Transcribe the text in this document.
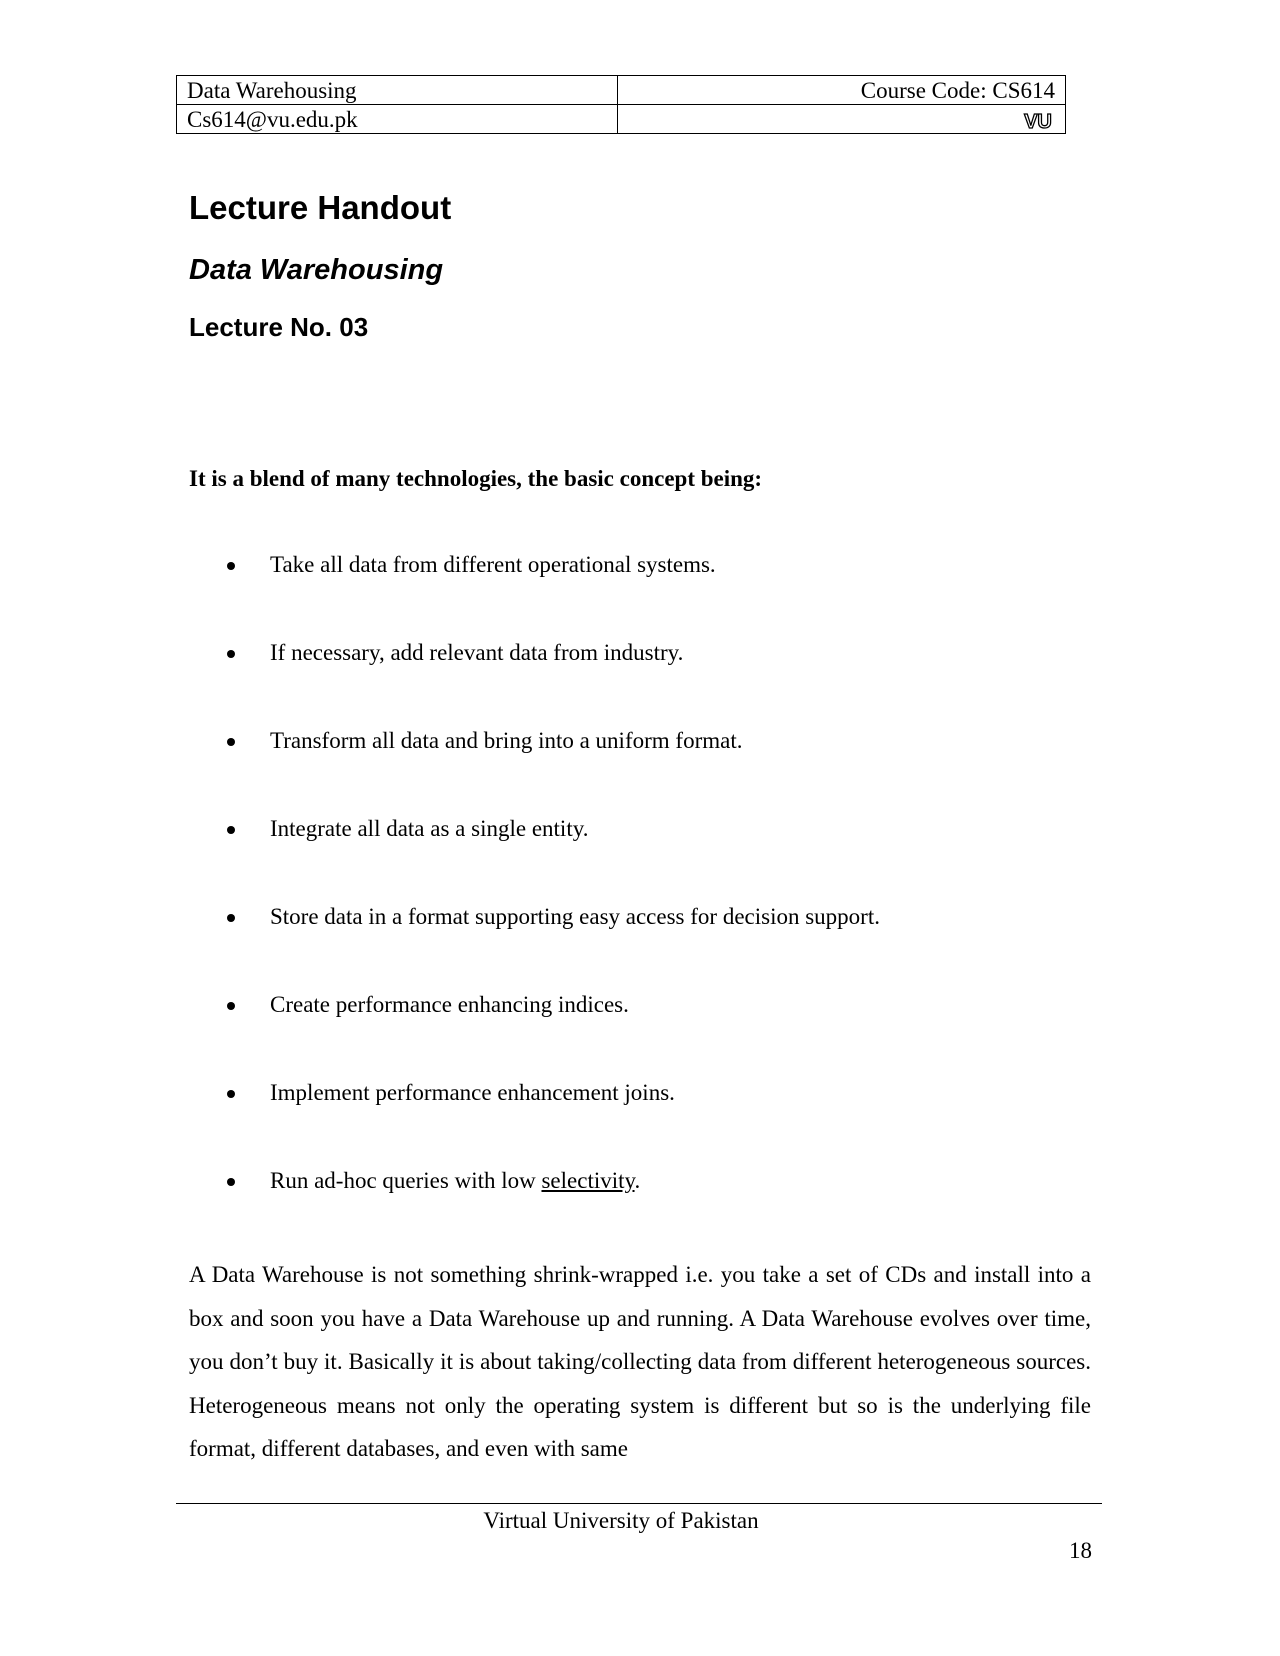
Data Warehousing	Course Code: CS614
Cs614@vu.edu.pk	VU
Lecture Handout
Data Warehousing
Lecture No. 03

It is a blend of many technologies, the basic concept being:

Take all data from different operational systems.
If necessary, add relevant data from industry.
Transform all data and bring into a uniform format.
Integrate all data as a single entity.
Store data in a format supporting easy access for decision support.
Create performance enhancing indices.
Implement performance enhancement joins.
Run ad-hoc queries with low selectivity.

A Data Warehouse is not something shrink-wrapped i.e. you take a set of CDs and install into a box and soon you have a Data Warehouse up and running. A Data Warehouse evolves over time, you don’t buy it. Basically it is about taking/collecting data from different heterogeneous sources. Heterogeneous means not only the operating system is different but so is the underlying file format, different databases, and even with same

Virtual University of Pakistan
18
